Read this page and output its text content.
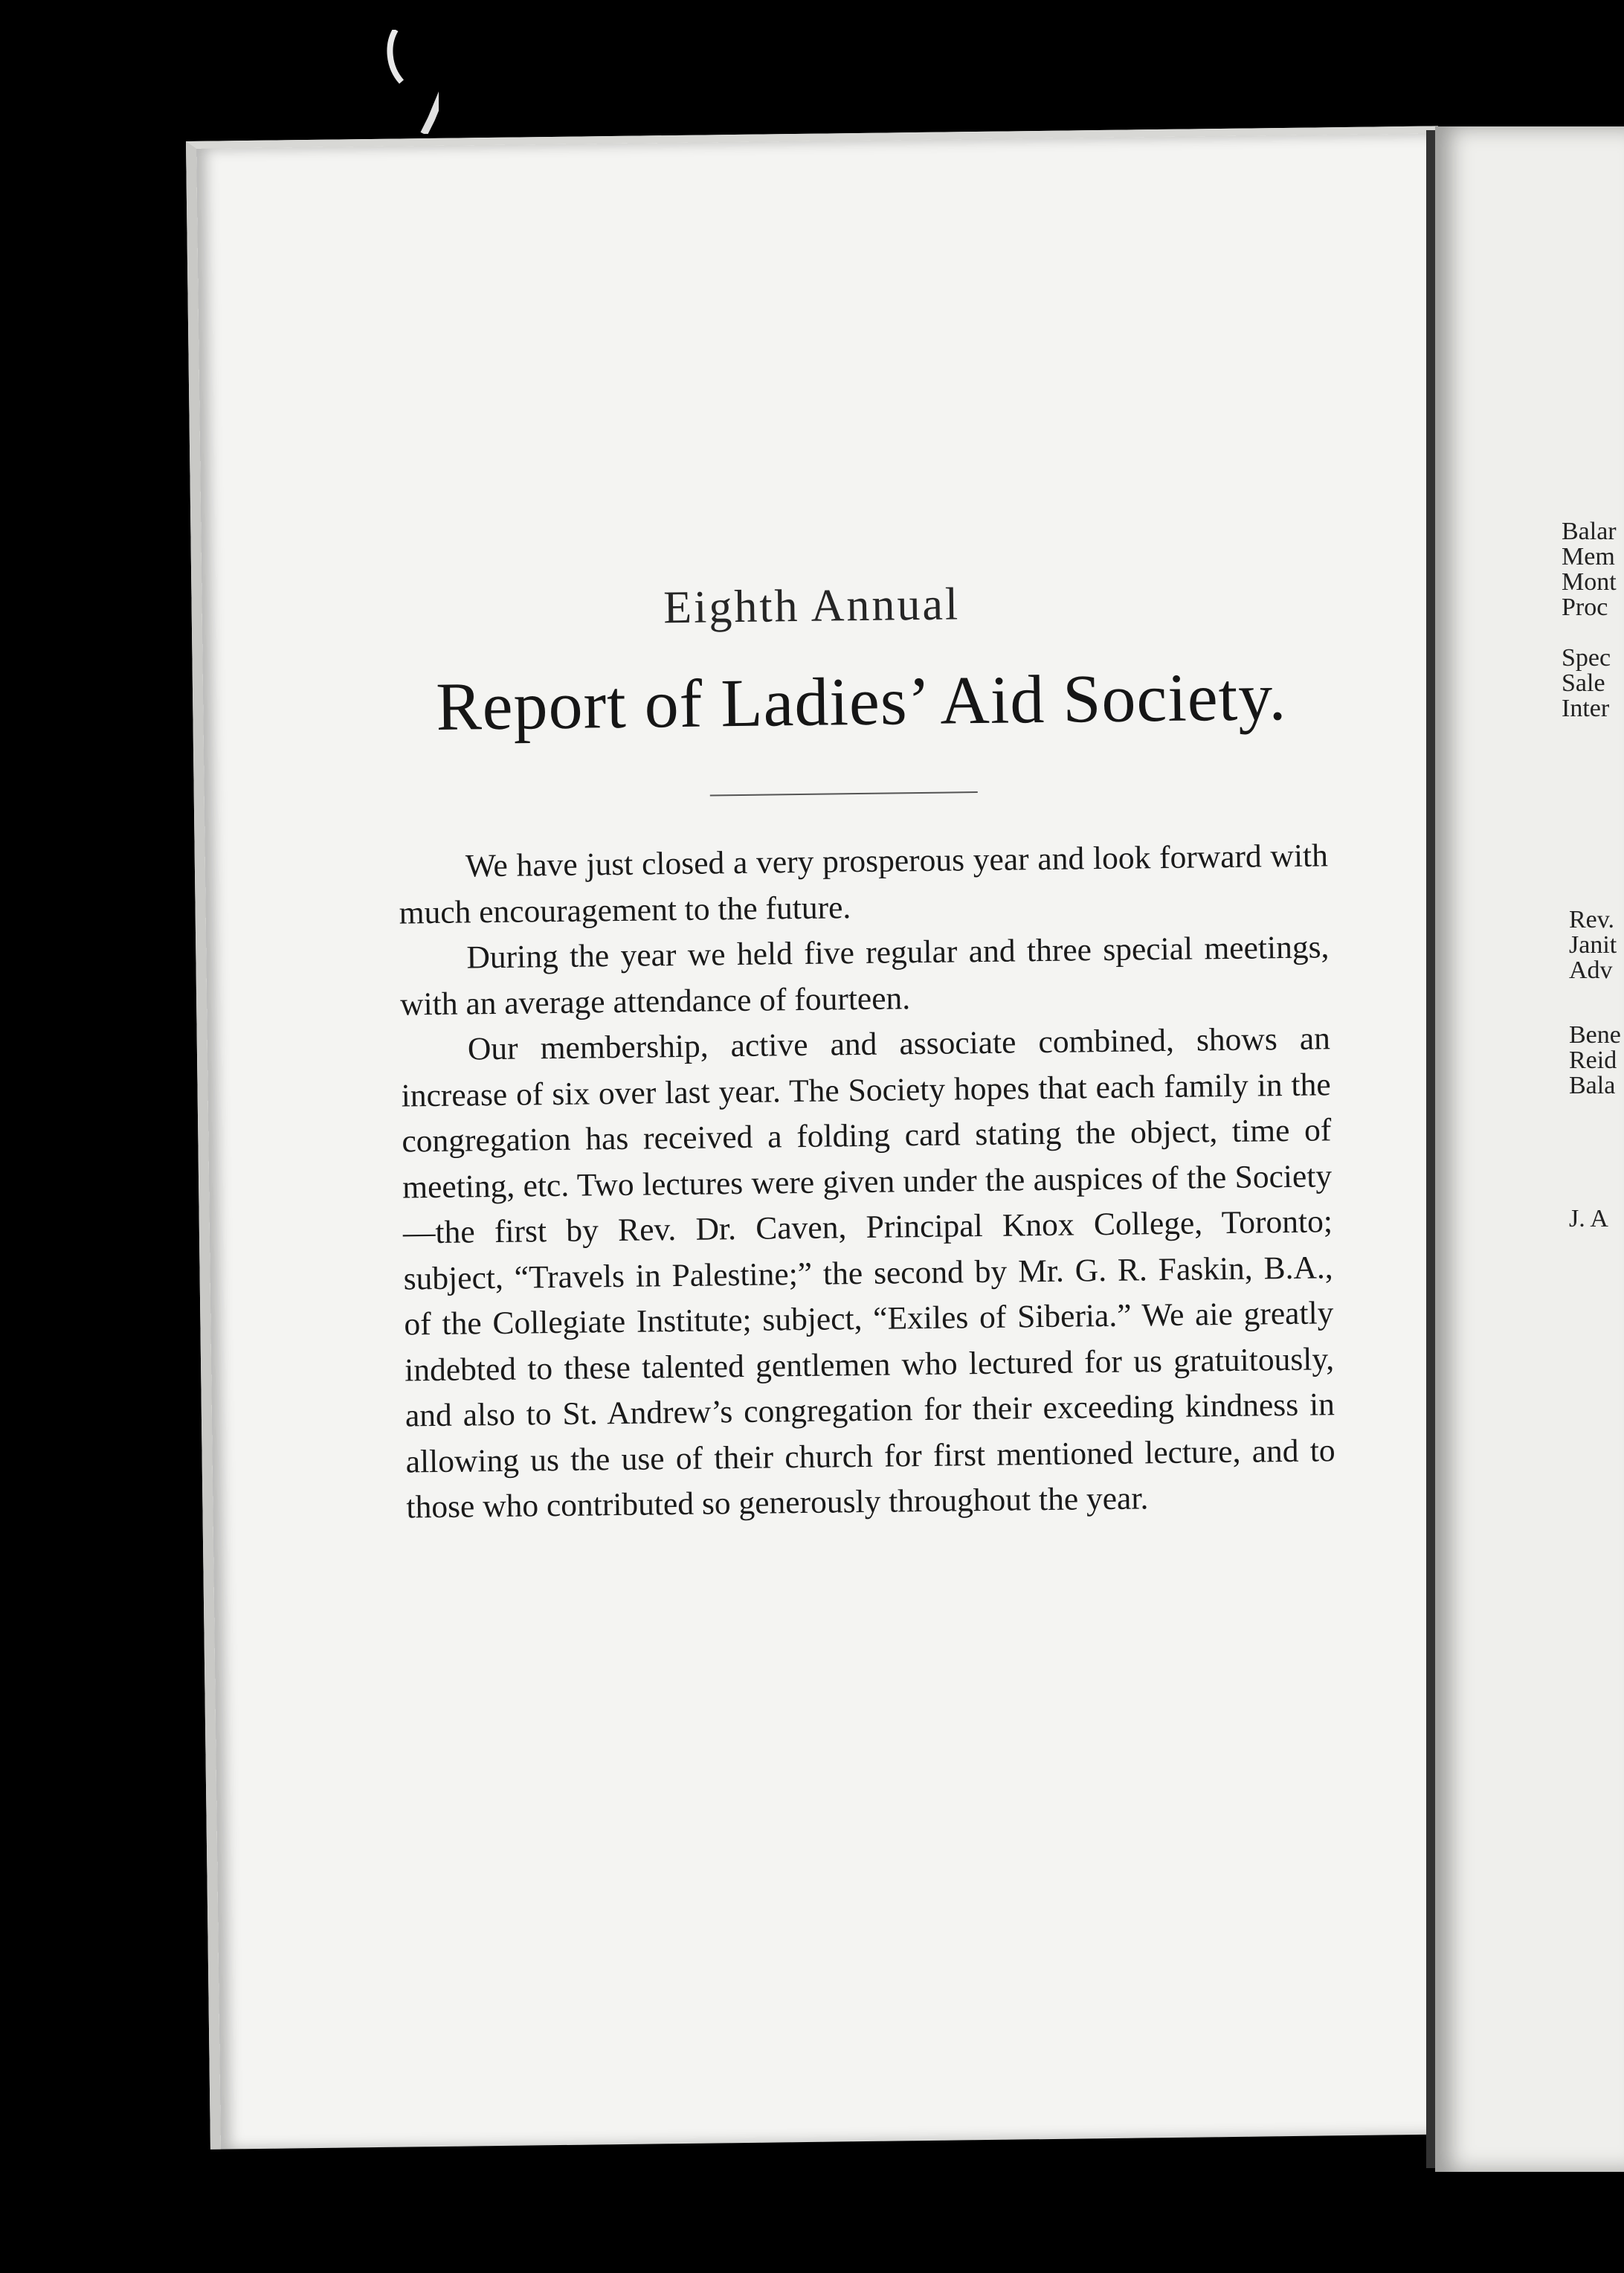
Eighth Annual
Report of Ladies’ Aid Society.

We have just closed a very prosperous year and look forward with much encouragement to the future.

During the year we held five regular and three special meetings, with an average attendance of fourteen.

Our membership, active and associate combined, shows an increase of six over last year. The Society hopes that each family in the congregation has received a folding card stating the object, time of meeting, etc. Two lectures were given under the auspices of the Society—the first by Rev. Dr. Caven, Principal Knox College, Toronto; subject, “Travels in Palestine;” the second by Mr. G. R. Faskin, B.A., of the Collegiate Institute; subject, “Exiles of Siberia.” We aie greatly indebted to these talented gentlemen who lectured for us gratuitously, and also to St. Andrew’s congregation for their exceeding kindness in allowing us the use of their church for first mentioned lecture, and to those who contributed so generously throughout the year.

Balar
Mem
Mont
Proc
Spec
Sale
Inter
Rev.
Janit
Adv
Bene
Reid
Bala
J. A
